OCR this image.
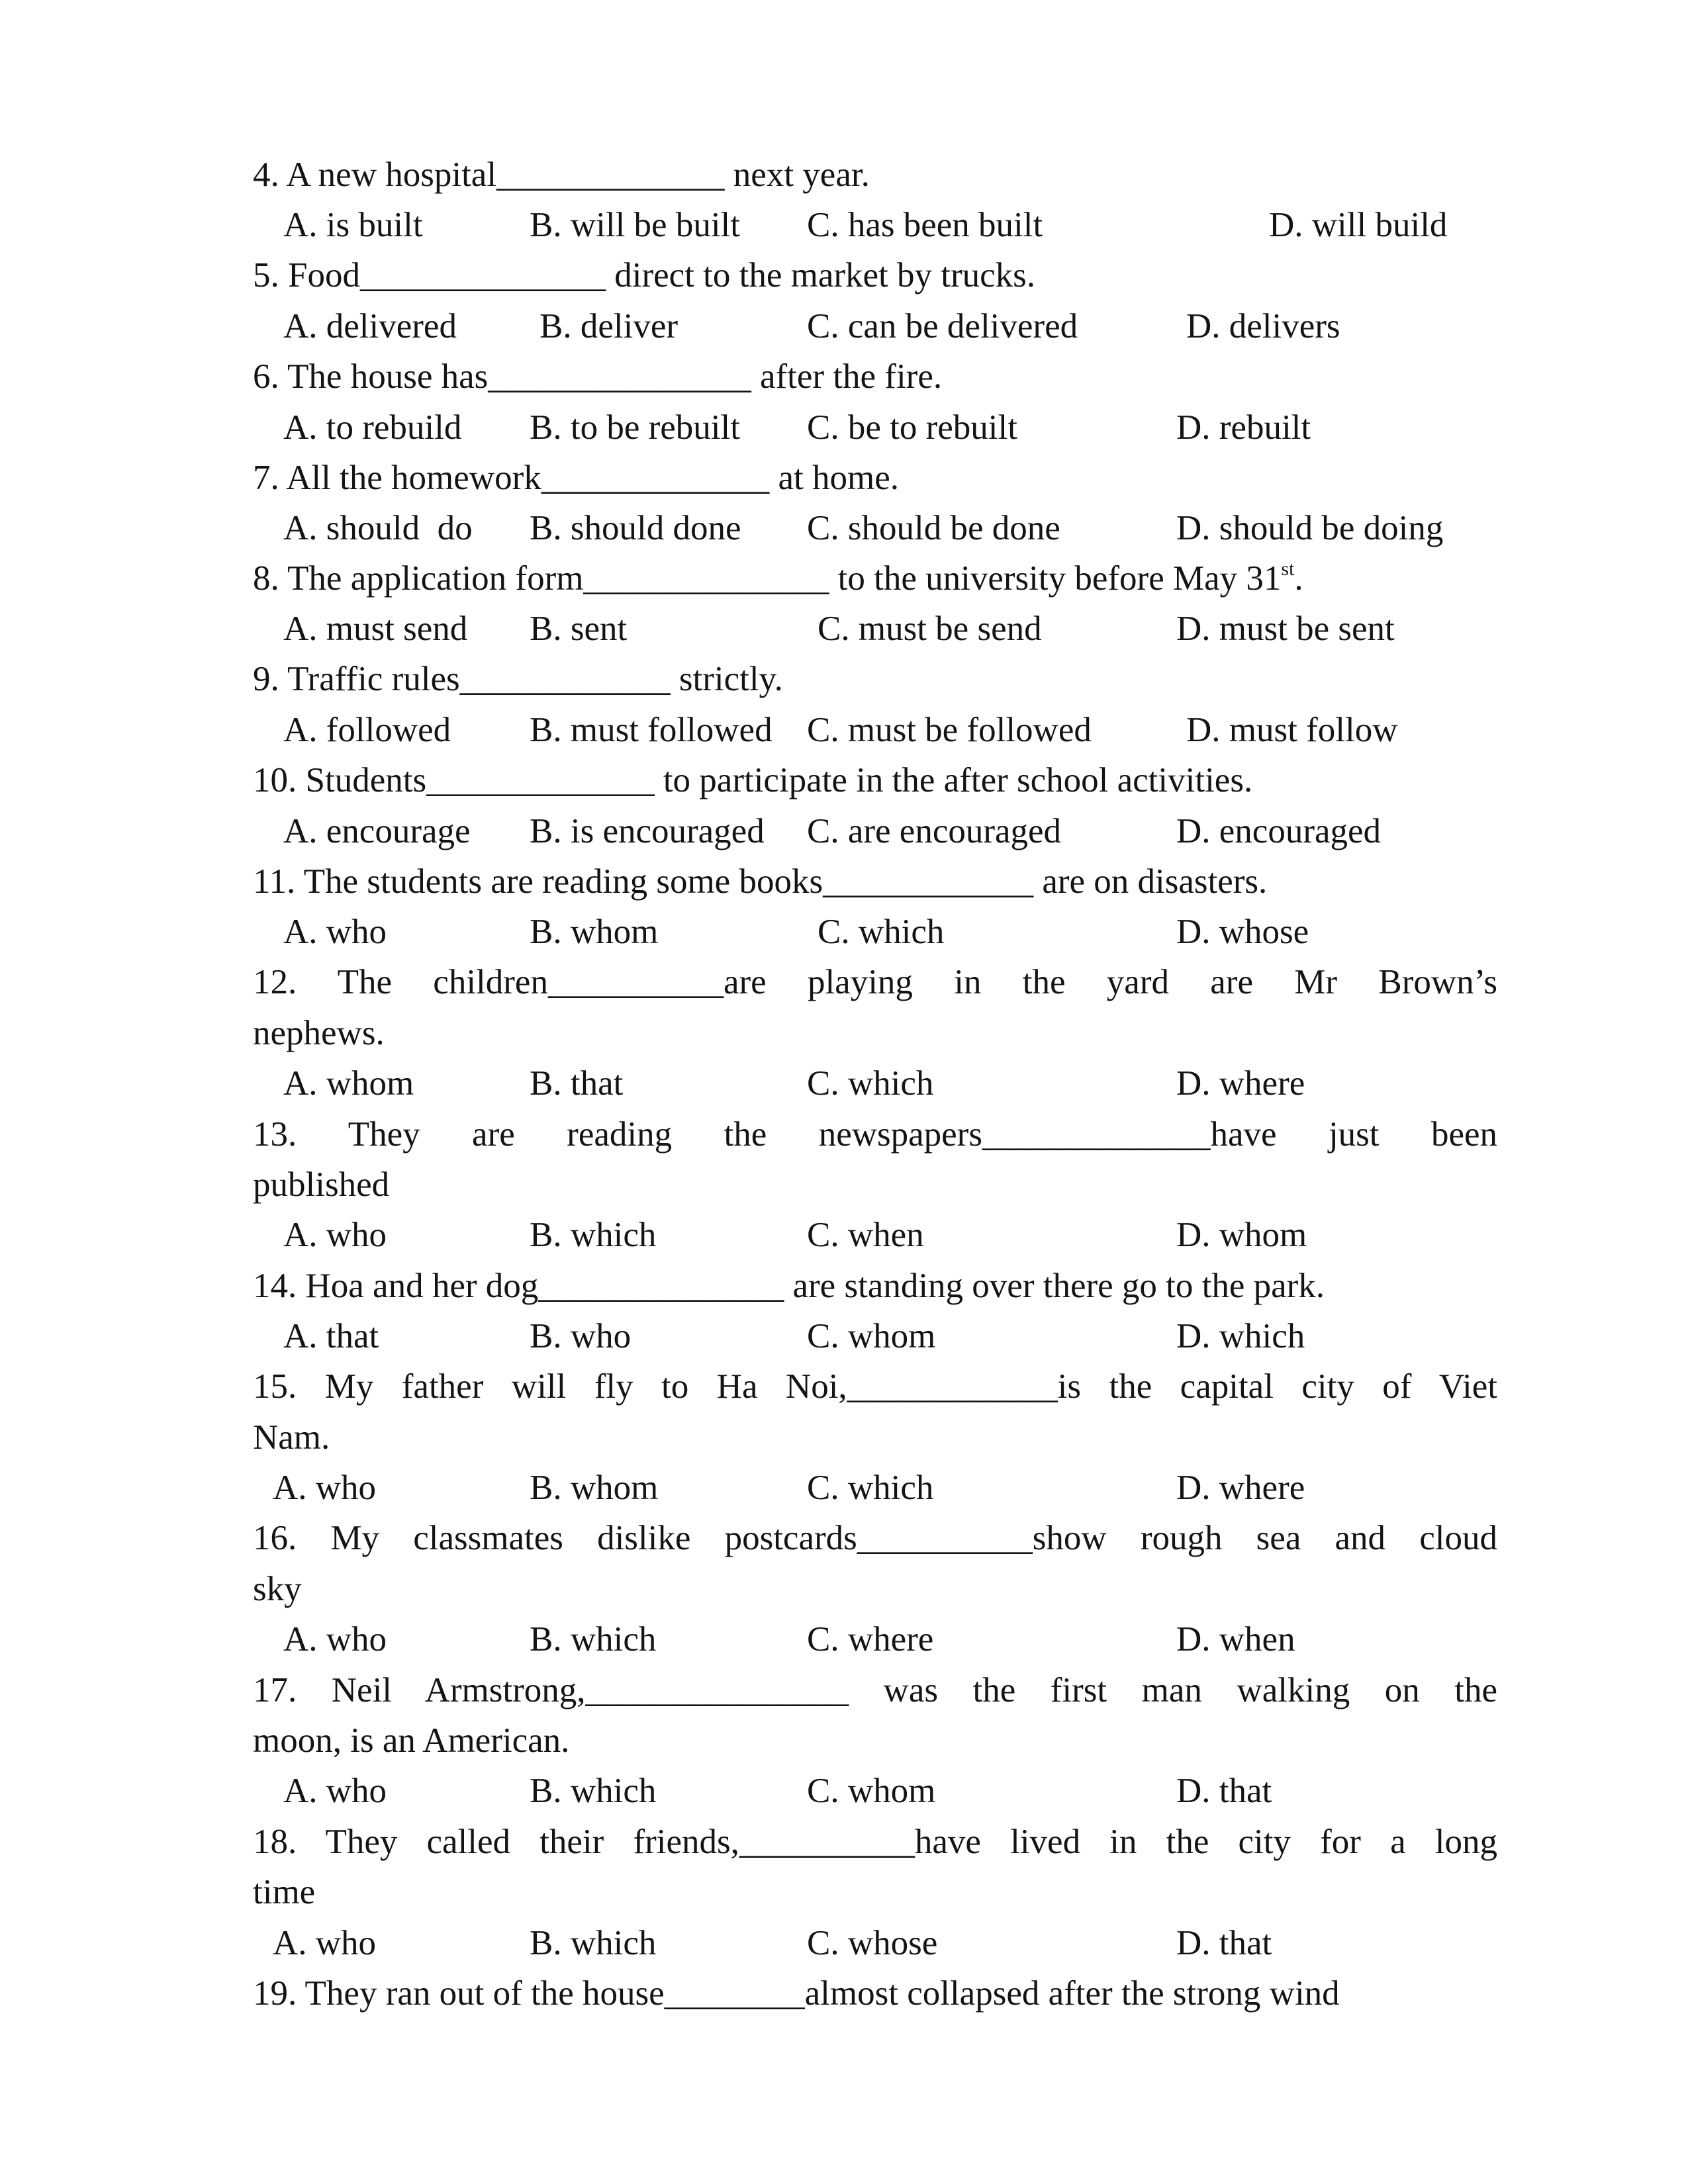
4. A new hospital_____________ next year.
A. is built	B. will be built C. has been built	D. will build
5. Food______________ direct to the market by trucks.
A. delivered B. deliver	C. can be delivered	D. delivers
6. The house has_______________ after the fire.
A. to rebuild B. to be rebuilt C. be to rebuilt	D. rebuilt
7. All the homework_____________ at home.
A. should  do B. should done C. should be done	D. should be doing
8. The application form______________ to the university before May 31st.
A. must send B. sent	C. must be send	D. must be sent
9. Traffic rules____________ strictly.
A. followed B. must followed C. must be followed	D. must follow
10. Students_____________ to participate in the after school activities.
A. encourage B. is encouraged C. are encouraged	D. encouraged
11. The students are reading some books____________ are on disasters.
A. who	B. whom	C. which	D. whose
12. The children__________are playing in the yard are Mr Brown’s
nephews.
A. whom	B. that	C. which	D. where
13. They are reading the newspapers_____________have just been
published
A. who	B. which	C. when	D. whom
14. Hoa and her dog______________ are standing over there go to the park.
A. that	B. who	C. whom	D. which
15. My father will fly to Ha Noi,____________is the capital city of Viet
Nam.
A. who	B. whom	C. which	D. where
16. My classmates dislike postcards__________show rough sea and cloud
sky
A. who	B. which	C. where	D. when
17. Neil Armstrong,_______________ was the first man walking on the
moon, is an American.
A. who	B. which	C. whom	D. that
18. They called their friends,__________have lived in the city for a long
time
A. who	B. which	C. whose	D. that
19. They ran out of the house________almost collapsed after the strong wind
